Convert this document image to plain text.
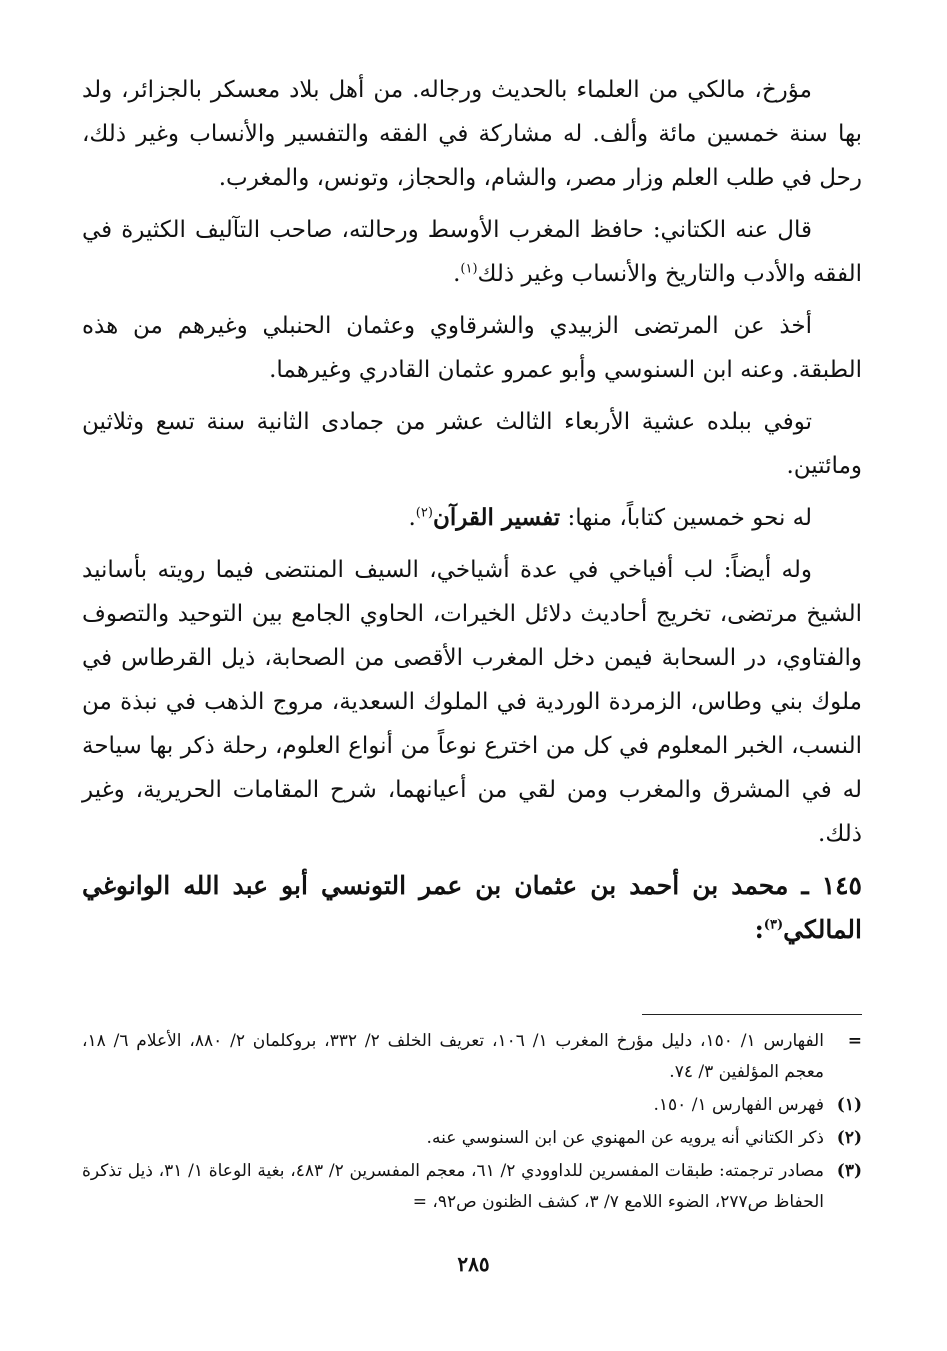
مؤرخ، مالكي من العلماء بالحديث ورجاله. من أهل بلاد معسكر بالجزائر، ولد بها سنة خمسين مائة وألف. له مشاركة في الفقه والتفسير والأنساب وغير ذلك، رحل في طلب العلم وزار مصر، والشام، والحجاز، وتونس، والمغرب.

قال عنه الكتاني: حافظ المغرب الأوسط ورحالته، صاحب التآليف الكثيرة في الفقه والأدب والتاريخ والأنساب وغير ذلك$^{(١)}$.

أخذ عن المرتضى الزبيدي والشرقاوي وعثمان الحنبلي وغيرهم من هذه الطبقة. وعنه ابن السنوسي وأبو عمرو عثمان القادري وغيرهما.

توفي ببلده عشية الأربعاء الثالث عشر من جمادى الثانية سنة تسع وثلاثين ومائتين.

له نحو خمسين كتاباً، منها: تفسير القرآن$^{(٢)}$.

وله أيضاً: لب أفياخي في عدة أشياخي، السيف المنتضى فيما رويته بأسانيد الشيخ مرتضى، تخريج أحاديث دلائل الخيرات، الحاوي الجامع بين التوحيد والتصوف والفتاوي، در السحابة فيمن دخل المغرب الأقصى من الصحابة، ذيل القرطاس في ملوك بني وطاس، الزمردة الوردية في الملوك السعدية، مروج الذهب في نبذة من النسب، الخبر المعلوم في كل من اخترع نوعاً من أنواع العلوم، رحلة ذكر بها سياحة له في المشرق والمغرب ومن لقي من أعيانهما، شرح المقامات الحريرية، وغير ذلك.

١٤٥ ـ محمد بن أحمد بن عثمان بن عمر التونسي أبو عبد الله الوانوغي المالكي$^{(٣)}$:

=
الفهارس ١/ ١٥٠، دليل مؤرخ المغرب ١/ ١٠٦، تعريف الخلف ٢/ ٣٣٢، بروكلمان ٢/ ٨٨٠، الأعلام ٦/ ١٨، معجم المؤلفين ٣/ ٧٤.
(١)
فهرس الفهارس ١/ ١٥٠.
(٢)
ذكر الكتاني أنه يرويه عن المهنوي عن ابن السنوسي عنه.
(٣)
مصادر ترجمته: طبقات المفسرين للداوودي ٢/ ٦١، معجم المفسرين ٢/ ٤٨٣، بغية الوعاة ١/ ٣١، ذيل تذكرة الحفاظ ص٢٧٧، الضوء اللامع ٧/ ٣، كشف الظنون ص٩٢، =
٢٨٥
